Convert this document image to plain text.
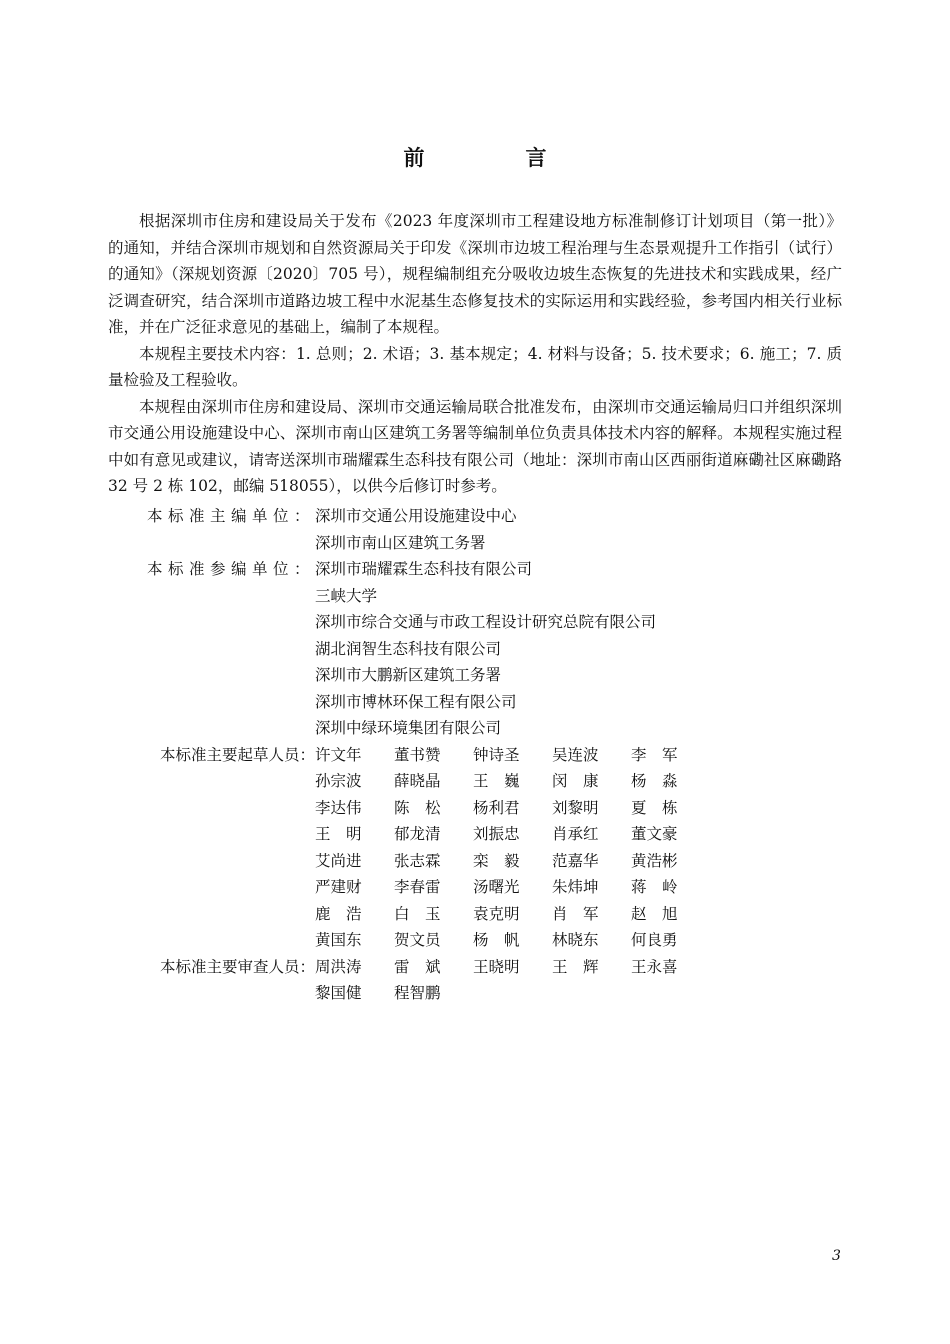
前　言

根据深圳市住房和建设局关于发布《2023 年度深圳市工程建设地方标准制修订计划项目（第一批）》的通知，并结合深圳市规划和自然资源局关于印发《深圳市边坡工程治理与生态景观提升工作指引（试行）的通知》（深规划资源〔2020〕705 号），规程编制组充分吸收边坡生态恢复的先进技术和实践成果，经广泛调查研究，结合深圳市道路边坡工程中水泥基生态修复技术的实际运用和实践经验，参考国内相关行业标准，并在广泛征求意见的基础上，编制了本规程。

本规程主要技术内容：1. 总则；2. 术语；3. 基本规定；4. 材料与设备；5. 技术要求；6. 施工；7. 质量检验及工程验收。

本规程由深圳市住房和建设局、深圳市交通运输局联合批准发布，由深圳市交通运输局归口并组织深圳市交通公用设施建设中心、深圳市南山区建筑工务署等编制单位负责具体技术内容的解释。本规程实施过程中如有意见或建议，请寄送深圳市瑞耀霖生态科技有限公司（地址：深圳市南山区西丽街道麻磡社区麻磡路 32 号 2 栋 102，邮编 518055），以供今后修订时参考。

本标准主编单位： 深圳市交通公用设施建设中心
深圳市南山区建筑工务署
本标准参编单位： 深圳市瑞耀霖生态科技有限公司
三峡大学
深圳市综合交通与市政工程设计研究总院有限公司
湖北润智生态科技有限公司
深圳市大鹏新区建筑工务署
深圳市博林环保工程有限公司
深圳中绿环境集团有限公司
本标准主要起草人员： 许文年	董书赞	钟诗圣	吴连波	李　军
孙宗波	薛晓晶	王　巍	闵　康	杨　淼
李达伟	陈　松	杨利君	刘黎明	夏　栋
王　明	郁龙清	刘振忠	肖承红	董文豪
艾尚进	张志霖	栾　毅	范嘉华	黄浩彬
严建财	李春雷	汤曙光	朱炜坤	蒋　岭
鹿　浩	白　玉	袁克明	肖　军	赵　旭
黄国东	贺文员	杨　帆	林晓东	何良勇
本标准主要审查人员： 周洪涛	雷　斌	王晓明	王　辉	王永喜
黎国健	程智鹏
3
